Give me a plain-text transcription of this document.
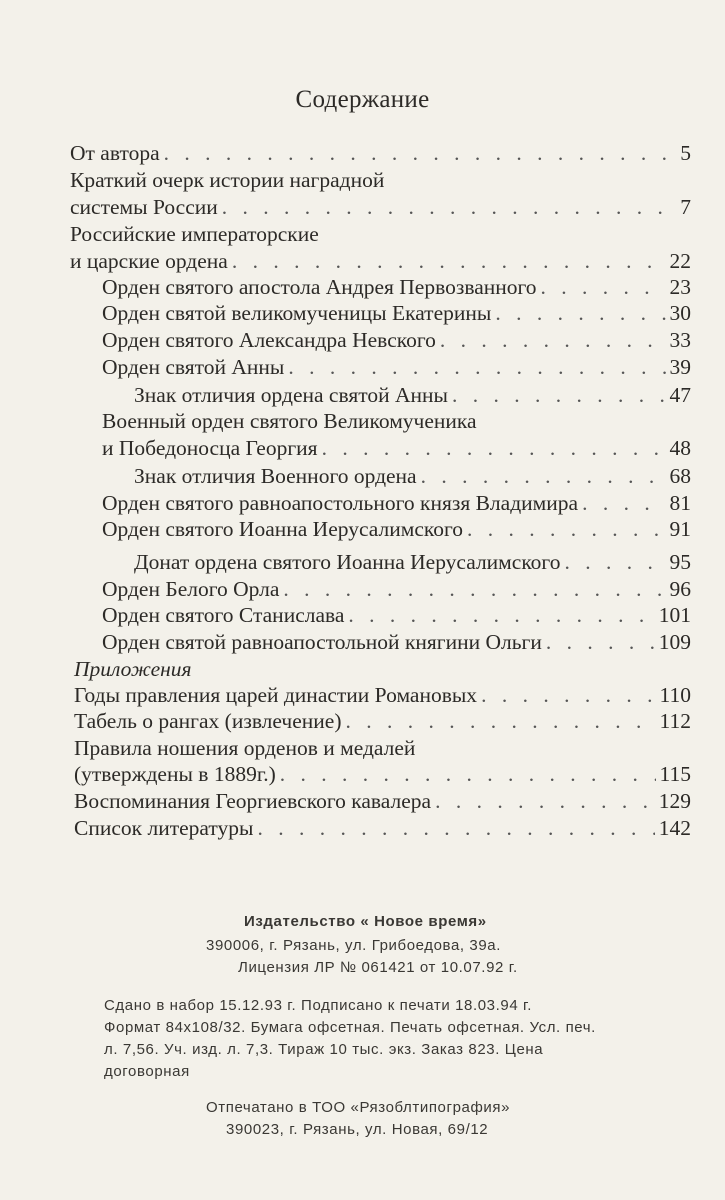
Содержание
От автора . . .	5
Краткий очерк истории наградной
системы России . . .	7
Российские императорские
и царские ордена . . .	22
Орден святого апостола Андрея Первозванного . . .	23
Орден святой великомученицы Екатерины . . .	30
Орден святого Александра Невского . . .	33
Орден святой Анны . . .	39
Знак отличия ордена святой Анны . . .	47
Военный орден святого Великомученика
и Победоносца Георгия . . .	48
Знак отличия Военного ордена . . .	68
Орден святого равноапостольного князя Владимира . . .	81
Орден святого Иоанна Иерусалимского . . .	91
Донат ордена святого Иоанна Иерусалимского . . .	95
Орден Белого Орла . . .	96
Орден святого Станислава . . .	101
Орден святой равноапостольной княгини Ольги . . .	109
Приложения
Годы правления царей династии Романовых . . .	110
Табель о рангах (извлечение) . . .	112
Правила ношения орденов и медалей
(утверждены в 1889г.) . . .	115
Воспоминания Георгиевского кавалера . . .	129
Список литературы . . .	142
Издательство « Новое время»
390006, г. Рязань, ул. Грибоедова, 39а.
Лицензия ЛР № 061421 от 10.07.92 г.
Сдано в набор 15.12.93 г. Подписано к печати 18.03.94 г.
Формат 84х108/32. Бумага офсетная. Печать офсетная. Усл. печ.
л. 7,56. Уч. изд. л. 7,3. Тираж 10 тыс. экз. Заказ 823. Цена
договорная
Отпечатано в ТОО «Рязоблтипография»
390023, г. Рязань, ул. Новая, 69/12
